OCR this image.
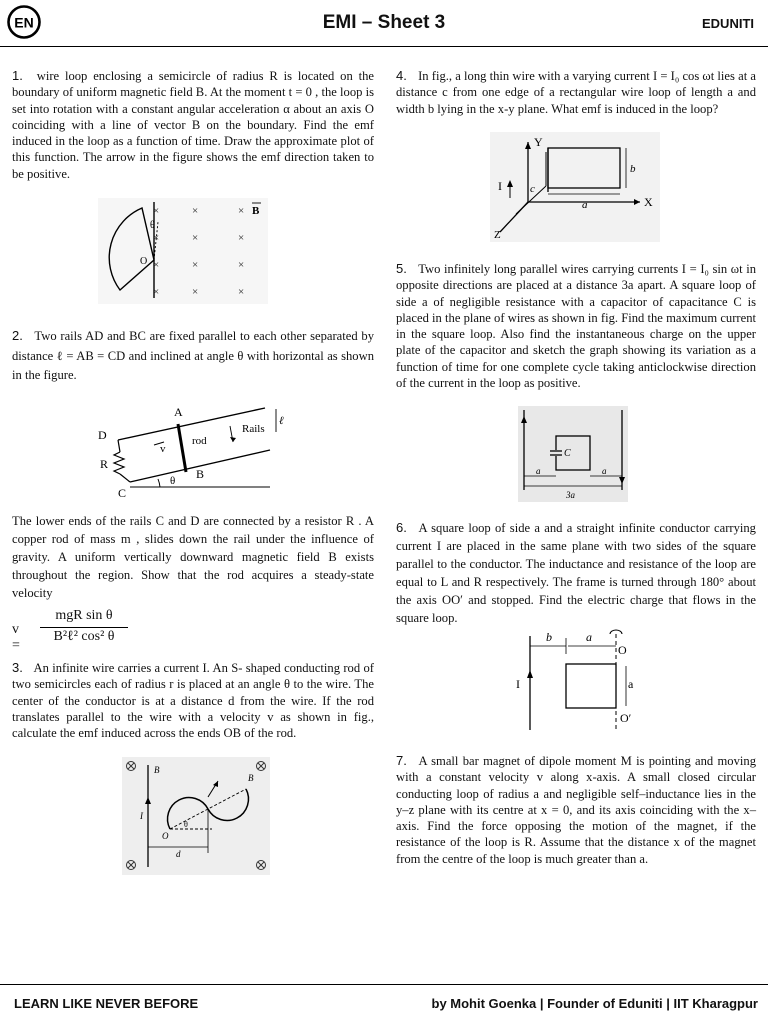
EN	EMI – Sheet 3	EDUNITI
1. wire loop enclosing a semicircle of radius R is located on the boundary of uniform magnetic field B. At the moment t = 0 , the loop is set into rotation with a constant angular acceleration α about an axis O coinciding with a line of vector B on the boundary. Find the emf induced in the loop as a function of time. Draw the approximate plot of this function. The arrow in the figure shows the emf direction taken to be positive.
×	×	×
×	×	×
×	×	×
×	×	×
θ
O
B
2. Two rails AD and BC are fixed parallel to each other separated by distance ℓ = AB = CD and inclined at angle θ with horizontal as shown in the figure.
A
D
R
C
B
v
rod
Rails
ℓ
θ
The lower ends of the rails C and D are connected by a resistor R . A copper rod of mass m , slides down the rail under the influence of gravity. A uniform vertically downward magnetic field B exists throughout the region. Show that the rod acquires a steady-state velocity
v =
mgR sin θ
B²ℓ² cos² θ
3. An infinite wire carries a current I. An S- shaped conducting rod of two semicircles each of radius r is placed at an angle θ to the wire. The center of the conductor is at a distance d from the wire. If the rod translates parallel to the wire with a velocity v as shown in fig., calculate the emf induced across the ends OB of the rod.
B
B
I
O
d
θ
4. In fig., a long thin wire with a varying current I = I₀ cos ωt lies at a distance c from one edge of a rectangular wire loop of length a and width b lying in the x-y plane. What emf is induced in the loop?
Y
I	c
b
X
a
Z
5. Two infinitely long parallel wires carrying currents I = I₀ sin ωt in opposite directions are placed at a distance 3a apart. A square loop of side a of negligible resistance with a capacitor of capacitance C is placed in the plane of wires as shown in fig. Find the maximum current in the square loop. Also find the instantaneous charge on the upper plate of the capacitor and sketch the graph showing its variation as a function of time for one complete cycle taking anticlockwise direction of the current in the loop as positive.
C
a	a
3a
6. A square loop of side a and a straight infinite conductor carrying current I are placed in the same plane with two sides of the square parallel to the conductor. The inductance and resistance of the loop are equal to L and R respectively. The frame is turned through 180° about the axis OO′ and stopped. Find the electric charge that flows in the square loop.
b	a
O
I	a
O′
7. A small bar magnet of dipole moment M is pointing and moving with a constant velocity v along x-axis. A small closed circular conducting loop of radius a and negligible self–inductance lies in the y–z plane with its centre at x = 0, and its axis coinciding with the x–axis. Find the force opposing the motion of the magnet, if the resistance of the loop is R. Assume that the distance x of the magnet from the centre of the loop is much greater than a.
LEARN LIKE NEVER BEFORE	by Mohit Goenka | Founder of Eduniti | IIT Kharagpur
